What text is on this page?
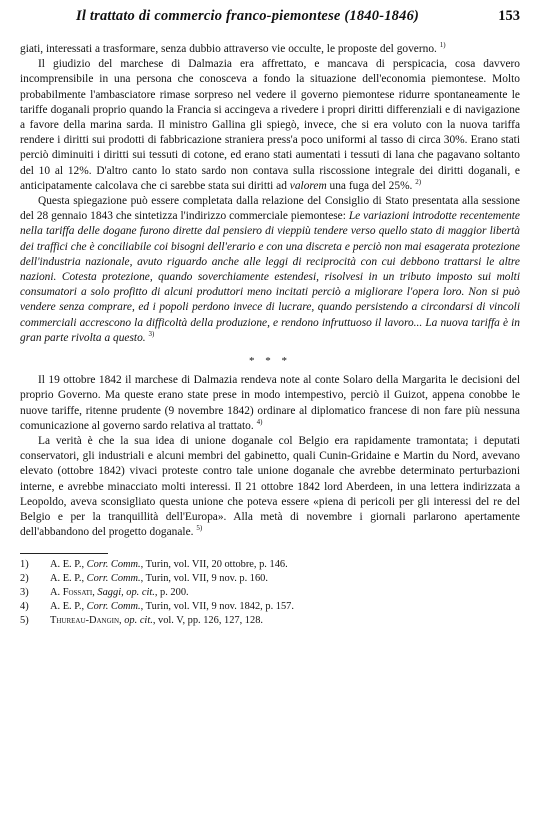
Il trattato di commercio franco-piemontese (1840-1846)	153

giati, interessati a trasformare, senza dubbio attraverso vie occulte, le proposte del governo. $^{1)}$

Il giudizio del marchese di Dalmazia era affrettato, e mancava di perspicacia, cosa davvero incomprensibile in una persona che conosceva a fondo la situazione dell'economia piemontese. Molto probabilmente l'ambasciatore rimase sorpreso nel vedere il governo piemontese ridurre spontaneamente le tariffe doganali proprio quando la Francia si accingeva a rivedere i propri diritti differenziali e di navigazione a favore della marina sarda. Il ministro Gallina gli spiegò, invece, che si era voluto con la nuova tariffa rendere i diritti sui prodotti di fabbricazione straniera press'a poco uniformi al tasso di circa 30%. Erano stati perciò diminuiti i diritti sui tessuti di cotone, ed erano stati aumentati i tessuti di lana che pagavano soltanto del 10 al 12%. D'altro canto lo stato sardo non contava sulla riscossione integrale dei diritti doganali, e anticipatamente calcolava che ci sarebbe stata sui diritti ad valorem una fuga del 25%. $^{2)}$

Questa spiegazione può essere completata dalla relazione del Consiglio di Stato presentata alla sessione del 28 gennaio 1843 che sintetizza l'indirizzo commerciale piemontese: Le variazioni introdotte recentemente nella tariffa delle dogane furono dirette dal pensiero di vieppiù tendere verso quello stato di maggior libertà dei traffici che è conciliabile coi bisogni dell'erario e con una discreta e perciò non mai esagerata protezione dell'industria nazionale, avuto riguardo anche alle leggi di reciprocità con cui debbono trattarsi le altre nazioni. Cotesta protezione, quando soverchiamente estendesi, risolvesi in un tributo imposto sui molti consumatori a solo profitto di alcuni produttori meno incitati perciò a migliorare l'opera loro. Non si può vendere senza comprare, ed i popoli perdono invece di lucrare, quando persistendo a circondarsi di vincoli commerciali accrescono la difficoltà della produzione, e rendono infruttuoso il lavoro... La nuova tariffa è in gran parte rivolta a questo. $^{3)}$

* * *

Il 19 ottobre 1842 il marchese di Dalmazia rendeva note al conte Solaro della Margarita le decisioni del proprio Governo. Ma queste erano state prese in modo intempestivo, perciò il Guizot, appena conobbe le nuove tariffe, ritenne prudente (9 novembre 1842) ordinare al diplomatico francese di non fare più nessuna comunicazione al governo sardo relativa al trattato. $^{4)}$

La verità è che la sua idea di unione doganale col Belgio era rapidamente tramontata; i deputati conservatori, gli industriali e alcuni membri del gabinetto, quali Cunin-Gridaine e Martin du Nord, avevano elevato (ottobre 1842) vivaci proteste contro tale unione doganale che avrebbe determinato perturbazioni interne, e avrebbe minacciato molti interessi. Il 21 ottobre 1842 lord Aberdeen, in una lettera indirizzata a Leopoldo, aveva sconsigliato questa unione che poteva essere «piena di pericoli per gli interessi del re del Belgio e per la tranquillità dell'Europa». Alla metà di novembre i giornali parlarono apertamente dell'abbandono del progetto doganale. $^{5)}$

1)	A. E. P., Corr. Comm., Turin, vol. VII, 20 ottobre, p. 146.
2)	A. E. P., Corr. Comm., Turin, vol. VII, 9 nov. p. 160.
3)	A. Fossati, Saggi, op. cit., p. 200.
4)	A. E. P., Corr. Comm., Turin, vol. VII, 9 nov. 1842, p. 157.
5)	Thureau-Dangin, op. cit., vol. V, pp. 126, 127, 128.
